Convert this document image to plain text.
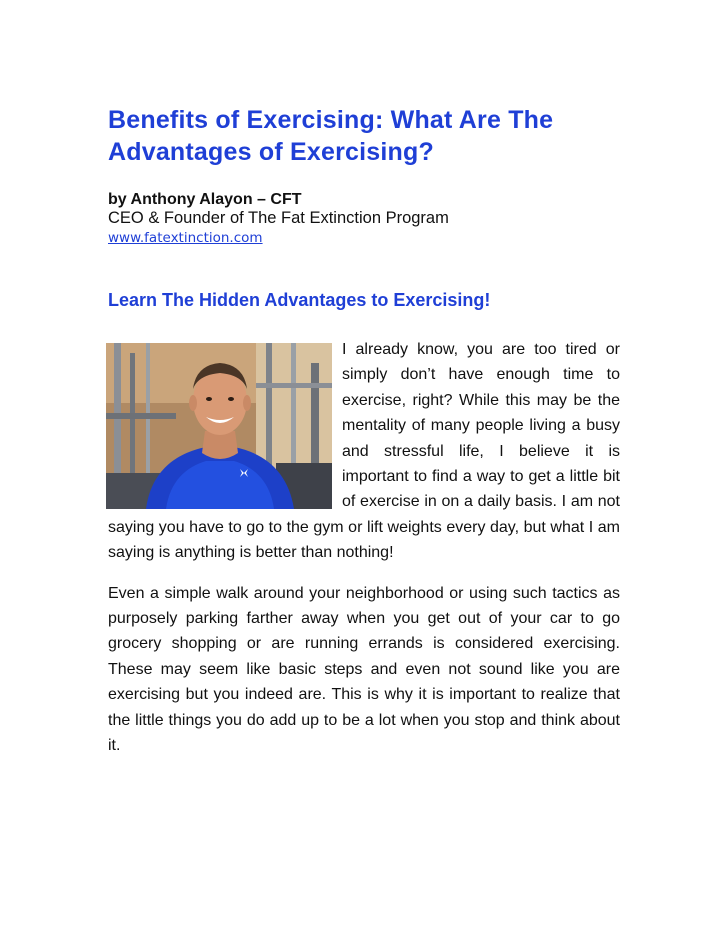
Benefits of Exercising: What Are The Advantages of Exercising?
by Anthony Alayon – CFT
CEO & Founder of The Fat Extinction Program
www.fatextinction.com
Learn The Hidden Advantages to Exercising!

I already know, you are too tired or simply don’t have enough time to exercise, right? While this may be the mentality of many people living a busy and stressful life, I believe it is important to find a way to get a little bit of exercise in on a daily basis. I am not saying you have to go to the gym or lift weights every day, but what I am saying is anything is better than nothing!

Even a simple walk around your neighborhood or using such tactics as purposely parking farther away when you get out of your car to go grocery shopping or are running errands is considered exercising. These may seem like basic steps and even not sound like you are exercising but you indeed are. This is why it is important to realize that the little things you do add up to be a lot when you stop and think about it.
